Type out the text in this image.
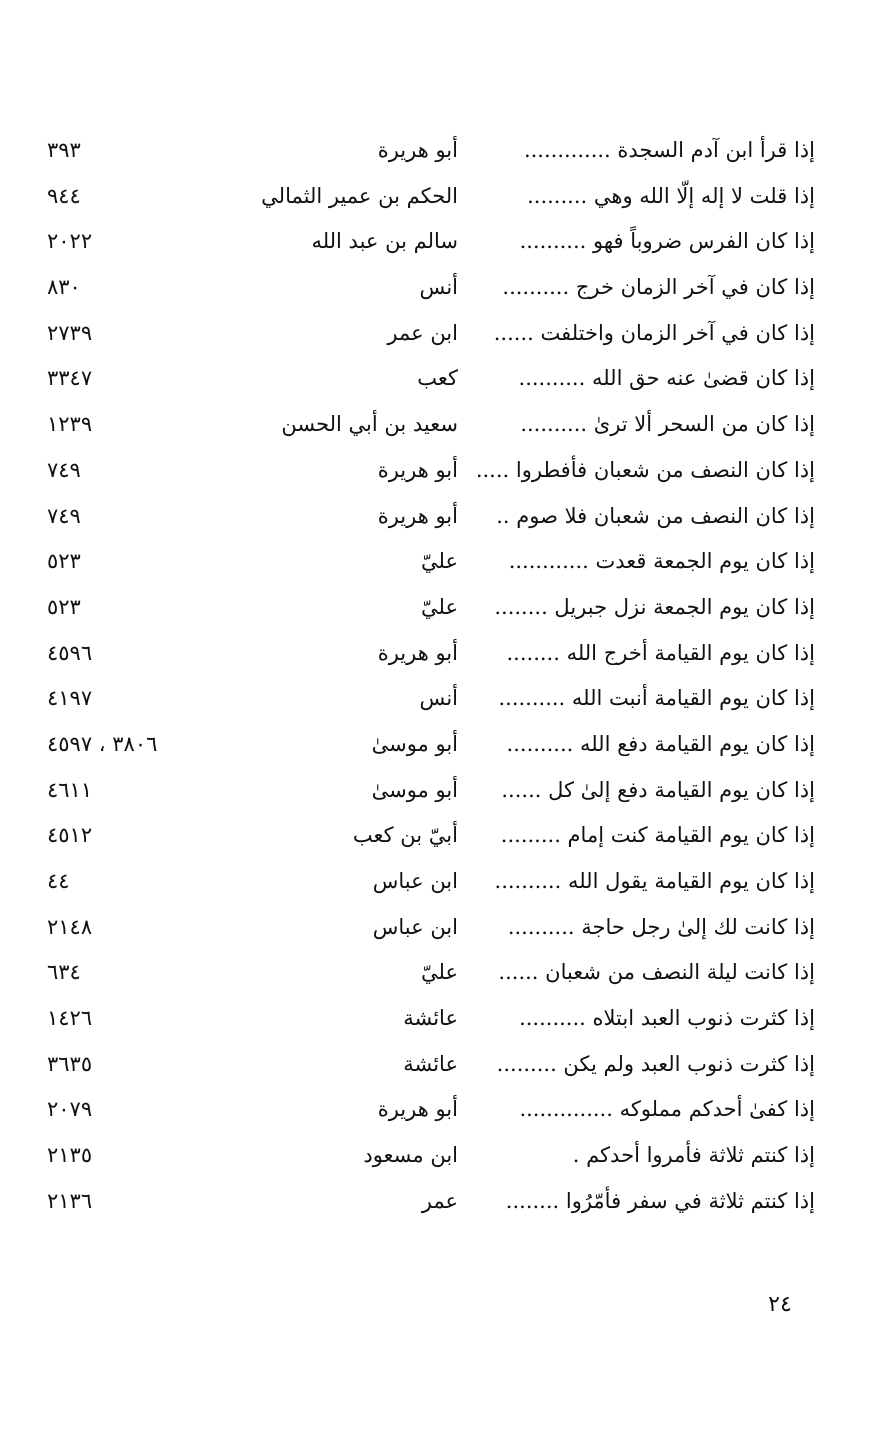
إذا قرأ ابن آدم السجدة .............
أبو هريرة
٣٩٣
إذا قلت لا إله إلّا الله وهي .........
الحكم بن عمير الثمالي
٩٤٤
إذا كان الفرس ضروباً فهو ..........
سالم بن عبد الله
٢٠٢٢
إذا كان في آخر الزمان خرج ..........
أنس
٨٣٠
إذا كان في آخر الزمان واختلفت ......
ابن عمر
٢٧٣٩
إذا كان قضىٰ عنه حق الله ..........
كعب
٣٣٤٧
إذا كان من السحر ألا ترىٰ ..........
سعيد بن أبي الحسن
١٢٣٩
إذا كان النصف من شعبان فأفطروا .....
أبو هريرة
٧٤٩
إذا كان النصف من شعبان فلا صوم ..
أبو هريرة
٧٤٩
إذا كان يوم الجمعة قعدت ............
عليّ
٥٢٣
إذا كان يوم الجمعة نزل جبريل ........
عليّ
٥٢٣
إذا كان يوم القيامة أخرج الله ........
أبو هريرة
٤٥٩٦
إذا كان يوم القيامة أنبت الله ..........
أنس
٤١٩٧
إذا كان يوم القيامة دفع الله ..........
أبو موسىٰ
٣٨٠٦ ، ٤٥٩٧
إذا كان يوم القيامة دفع إلىٰ كل ......
أبو موسىٰ
٤٦١١
إذا كان يوم القيامة كنت إمام .........
أبيّ بن كعب
٤٥١٢
إذا كان يوم القيامة يقول الله ..........
ابن عباس
٤٤
إذا كانت لك إلىٰ رجل حاجة ..........
ابن عباس
٢١٤٨
إذا كانت ليلة النصف من شعبان ......
عليّ
٦٣٤
إذا كثرت ذنوب العبد ابتلاه ..........
عائشة
١٤٢٦
إذا كثرت ذنوب العبد ولم يكن .........
عائشة
٣٦٣٥
إذا كفىٰ أحدكم مملوكه ..............
أبو هريرة
٢٠٧٩
إذا كنتم ثلاثة فأمروا أحدكم .
ابن مسعود
٢١٣٥
إذا كنتم ثلاثة في سفر فأمّرُوا ........
عمر
٢١٣٦
٢٤
